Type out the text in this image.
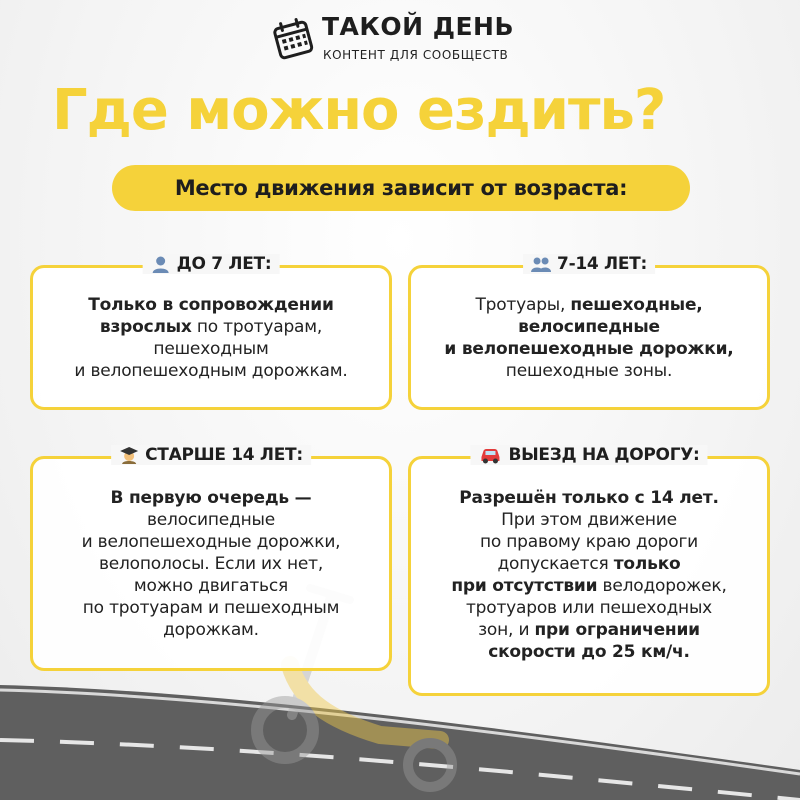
ТАКОЙ ДЕНЬ
КОНТЕНТ ДЛЯ СООБЩЕСТВ
Где можно ездить?
Место движения зависит от возраста:
ДО 7 ЛЕТ:
Только в сопровождении
взрослых по тротуарам,
пешеходным
и велопешеходным дорожкам.
7-14 ЛЕТ:
Тротуары, пешеходные,
велосипедные
и велопешеходные дорожки,
пешеходные зоны.
СТАРШЕ 14 ЛЕТ:
В первую очередь —
велосипедные
и велопешеходные дорожки,
велополосы. Если их нет,
можно двигаться
по тротуарам и пешеходным
дорожкам.
ВЫЕЗД НА ДОРОГУ:
Разрешён только с 14 лет.
При этом движение
по правому краю дороги
допускается только
при отсутствии велодорожек,
тротуаров или пешеходных
зон, и при ограничении
скорости до 25 км/ч.
